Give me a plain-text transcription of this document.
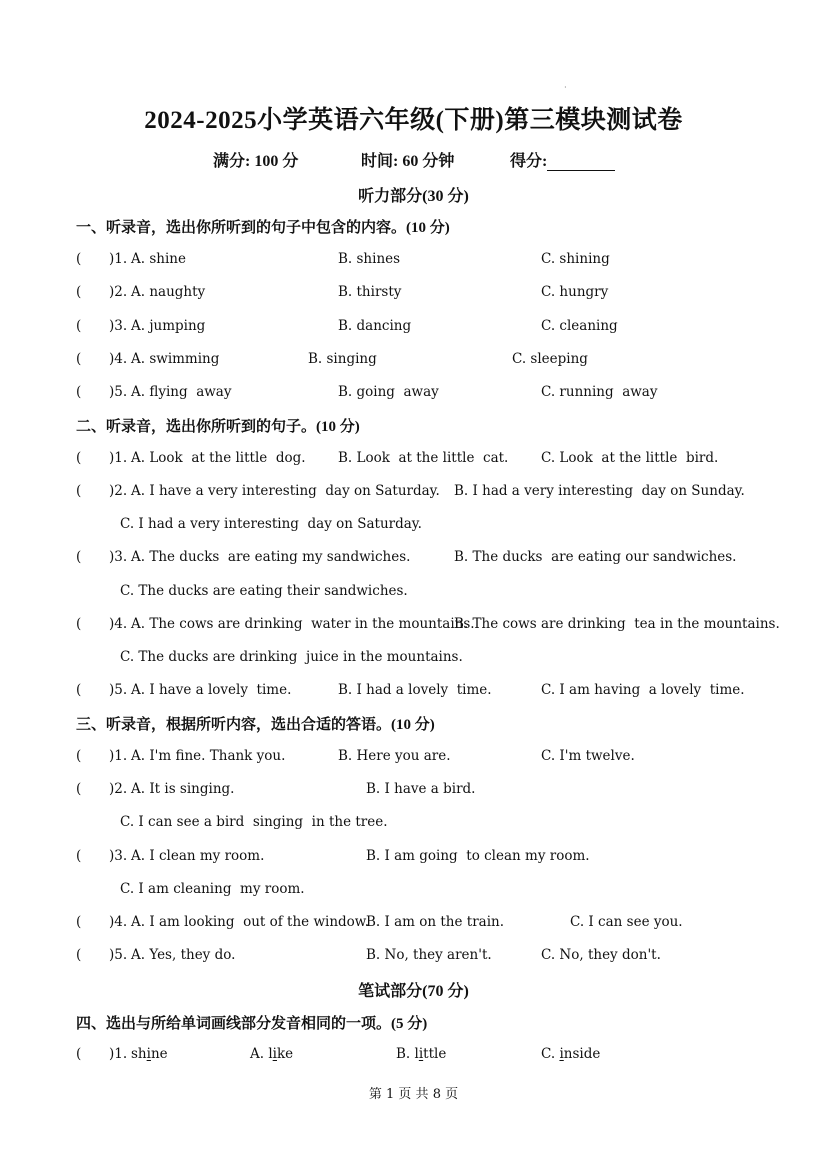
·
2024-2025小学英语六年级(下册)第三模块测试卷
满分: 100 分	时间: 60 分钟	得分:
听力部分(30 分)
一、听录音，选出你所听到的句子中包含的内容。(10 分)
( )1. A. shine	B. shines	C. shining
( )2. A. naughty	B. thirsty	C. hungry
( )3. A. jumping	B. dancing	C. cleaning
( )4. A. swimming	B. singing	C. sleeping
( )5. A. flying  away	B. going  away	C. running  away
二、听录音，选出你所听到的句子。(10 分)
( )1. A. Look  at the little  dog. B. Look  at the little  cat. C. Look  at the little  bird.
( )2. A. I have a very interesting  day on Saturday. B. I had a very interesting  day on Sunday.
C. I had a very interesting  day on Saturday.
( )3. A. The ducks  are eating my sandwiches.	B. The ducks  are eating our sandwiches.
C. The ducks are eating their sandwiches.
( )4. A. The cows are drinking  water in the mountains.
B. The cows are drinking  tea in the mountains.
C. The ducks are drinking  juice in the mountains.
( )5. A. I have a lovely  time.	B. I had a lovely  time.	C. I am having  a lovely  time.
三、听录音，根据所听内容，选出合适的答语。(10 分)
( )1. A. I'm fine. Thank you.	B. Here you are.	C. I'm twelve.
( )2. A. It is singing.	B. I have a bird.
C. I can see a bird  singing  in the tree.
( )3. A. I clean my room.	B. I am going  to clean my room.
C. I am cleaning  my room.
( )4. A. I am looking  out of the window.
B. I am on the train.	C. I can see you.
( )5. A. Yes, they do.	B. No, they aren't.	C. No, they don't.
笔试部分(70 分)
四、选出与所给单词画线部分发音相同的一项。(5 分)
( )1. shine	A. like	B. little	C. inside
第 1 页 共 8 页
